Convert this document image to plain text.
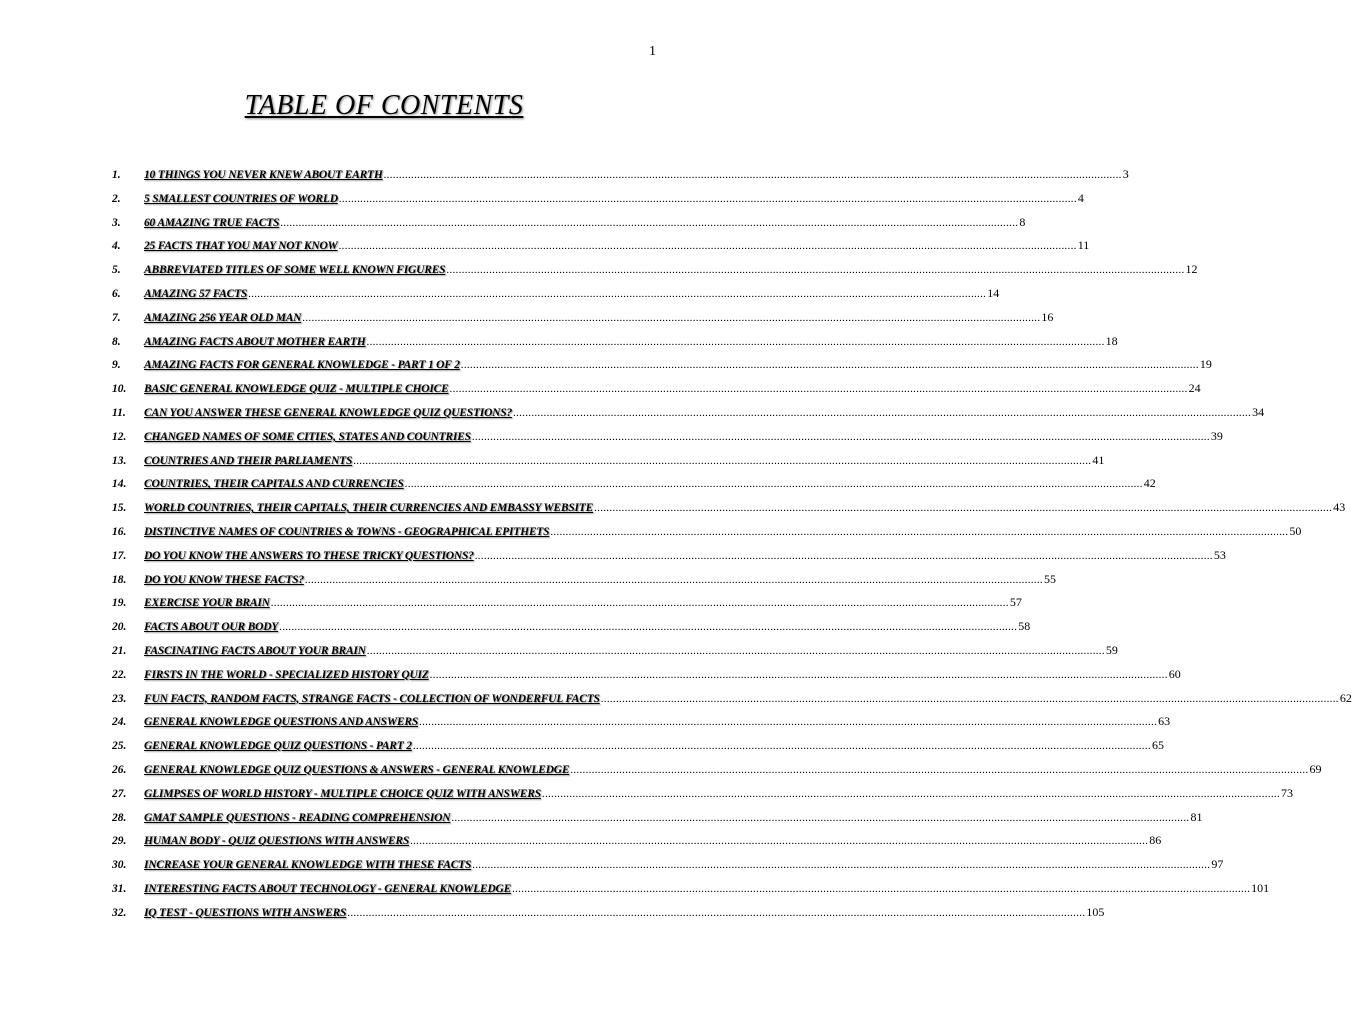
1
TABLE OF CONTENTS
1.	10 THINGS YOU NEVER KNEW ABOUT EARTH .....	3
2.	5 SMALLEST COUNTRIES OF WORLD .....	4
3.	60 AMAZING TRUE FACTS .....	8
4.	25 FACTS THAT YOU MAY NOT KNOW .....	11
5.	ABBREVIATED TITLES OF SOME WELL KNOWN FIGURES .....	12
6.	AMAZING 57 FACTS .....	14
7.	AMAZING 256 YEAR OLD MAN .....	16
8.	AMAZING FACTS ABOUT MOTHER EARTH .....	18
9.	AMAZING FACTS FOR GENERAL KNOWLEDGE - PART 1 OF 2 .....	19
10.	BASIC GENERAL KNOWLEDGE QUIZ - MULTIPLE CHOICE .....	24
11.	CAN YOU ANSWER THESE GENERAL KNOWLEDGE QUIZ QUESTIONS? .....	34
12.	CHANGED NAMES OF SOME CITIES, STATES AND COUNTRIES .....	39
13.	COUNTRIES AND THEIR PARLIAMENTS .....	41
14.	COUNTRIES, THEIR CAPITALS AND CURRENCIES .....	42
15.	WORLD COUNTRIES, THEIR CAPITALS, THEIR CURRENCIES AND EMBASSY WEBSITE .....	43
16.	DISTINCTIVE NAMES OF COUNTRIES & TOWNS - GEOGRAPHICAL EPITHETS .....	50
17.	DO YOU KNOW THE ANSWERS TO THESE TRICKY QUESTIONS? .....	53
18.	DO YOU KNOW THESE FACTS? .....	55
19.	EXERCISE YOUR BRAIN .....	57
20.	FACTS ABOUT OUR BODY .....	58
21.	FASCINATING FACTS ABOUT YOUR BRAIN .....	59
22.	FIRSTS IN THE WORLD - SPECIALIZED HISTORY QUIZ .....	60
23.	FUN FACTS, RANDOM FACTS, STRANGE FACTS - COLLECTION OF WONDERFUL FACTS .....	62
24.	GENERAL KNOWLEDGE QUESTIONS AND ANSWERS .....	63
25.	GENERAL KNOWLEDGE QUIZ QUESTIONS - PART 2 .....	65
26.	GENERAL KNOWLEDGE QUIZ QUESTIONS & ANSWERS - GENERAL KNOWLEDGE .....	69
27.	GLIMPSES OF WORLD HISTORY - MULTIPLE CHOICE QUIZ WITH ANSWERS .....	73
28.	GMAT SAMPLE QUESTIONS - READING COMPREHENSION .....	81
29.	HUMAN BODY - QUIZ QUESTIONS WITH ANSWERS .....	86
30.	INCREASE YOUR GENERAL KNOWLEDGE WITH THESE FACTS .....	97
31.	INTERESTING FACTS ABOUT TECHNOLOGY - GENERAL KNOWLEDGE .....	101
32.	IQ TEST - QUESTIONS WITH ANSWERS .....	105
